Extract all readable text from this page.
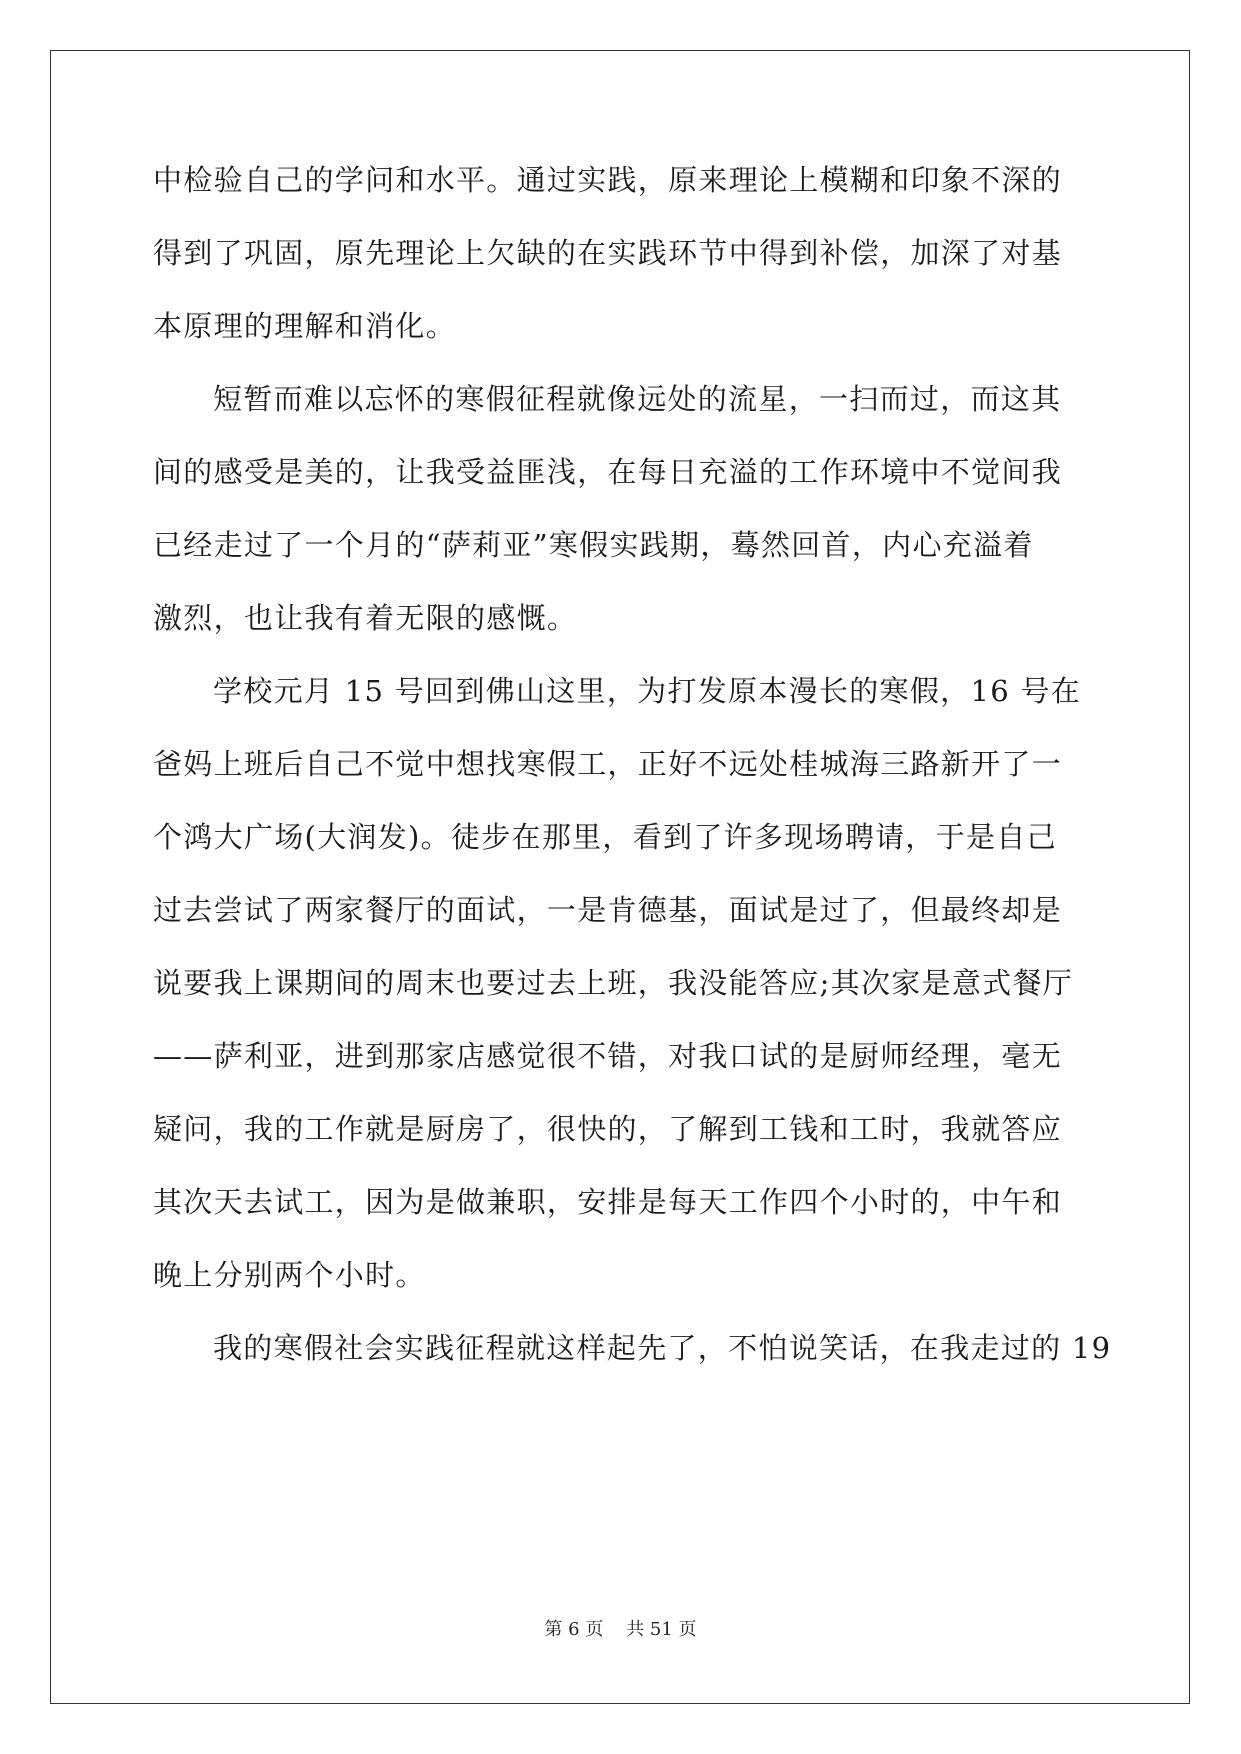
中检验自己的学问和水平。通过实践，原来理论上模糊和印象不深的
得到了巩固，原先理论上欠缺的在实践环节中得到补偿，加深了对基
本原理的理解和消化。
短暂而难以忘怀的寒假征程就像远处的流星，一扫而过，而这其
间的感受是美的，让我受益匪浅，在每日充溢的工作环境中不觉间我
已经走过了一个月的“萨莉亚”寒假实践期，蓦然回首，内心充溢着
激烈，也让我有着无限的感慨。
学校元月 15 号回到佛山这里，为打发原本漫长的寒假，16 号在
爸妈上班后自己不觉中想找寒假工，正好不远处桂城海三路新开了一
个鸿大广场(大润发)。徒步在那里，看到了许多现场聘请，于是自己
过去尝试了两家餐厅的面试，一是肯德基，面试是过了，但最终却是
说要我上课期间的周末也要过去上班，我没能答应;其次家是意式餐厅
——萨利亚，进到那家店感觉很不错，对我口试的是厨师经理，毫无
疑问，我的工作就是厨房了，很快的，了解到工钱和工时，我就答应
其次天去试工，因为是做兼职，安排是每天工作四个小时的，中午和
晚上分别两个小时。
我的寒假社会实践征程就这样起先了，不怕说笑话，在我走过的 19
第 6 页    共 51 页
